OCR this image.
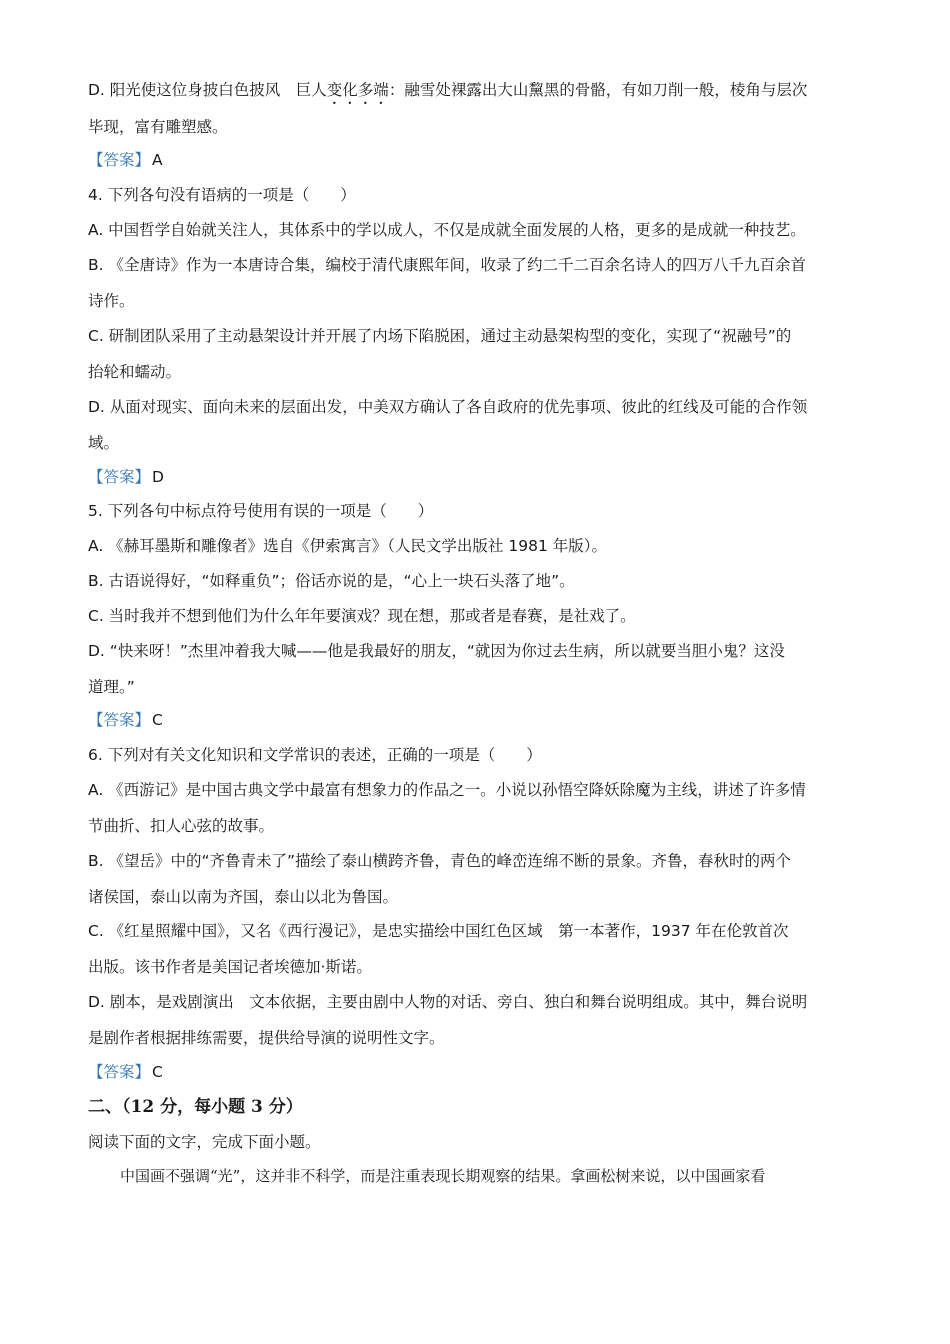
D. 阳光使这位身披白色披风　巨人变化多端：融雪处裸露出大山黧黑的骨骼，有如刀削一般，棱角与层次
毕现，富有雕塑感。
【答案】 A
4. 下列各句没有语病的一项是（　　）
A. 中国哲学自始就关注人，其体系中的学以成人，不仅是成就全面发展的人格，更多的是成就一种技艺。
B. 《全唐诗》作为一本唐诗合集，编校于清代康熙年间，收录了约二千二百余名诗人的四万八千九百余首
诗作。
C. 研制团队采用了主动悬架设计并开展了内场下陷脱困，通过主动悬架构型的变化，实现了“祝融号”的
抬轮和蠕动。
D. 从面对现实、面向未来的层面出发，中美双方确认了各自政府的优先事项、彼此的红线及可能的合作领
域。
【答案】 D
5. 下列各句中标点符号使用有误的一项是（　　）
A. 《赫耳墨斯和雕像者》选自《伊索寓言》（人民文学出版社 1981 年版）。
B. 古语说得好，“如释重负”；俗话亦说的是，“心上一块石头落了地”。
C. 当时我并不想到他们为什么年年要演戏？现在想，那或者是春赛，是社戏了。
D. “快来呀！”杰里冲着我大喊——他是我最好的朋友，“就因为你过去生病，所以就要当胆小鬼？这没
道理。”
【答案】 C
6. 下列对有关文化知识和文学常识的表述，正确的一项是（　　）
A. 《西游记》是中国古典文学中最富有想象力的作品之一。小说以孙悟空降妖除魔为主线，讲述了许多情
节曲折、扣人心弦的故事。
B. 《望岳》中的“齐鲁青未了”描绘了泰山横跨齐鲁，青色的峰峦连绵不断的景象。齐鲁，春秋时的两个
诸侯国，泰山以南为齐国，泰山以北为鲁国。
C. 《红星照耀中国》，又名《西行漫记》，是忠实描绘中国红色区域　第一本著作，1937 年在伦敦首次
出版。该书作者是美国记者埃德加·斯诺。
D. 剧本，是戏剧演出　文本依据，主要由剧中人物的对话、旁白、独白和舞台说明组成。其中，舞台说明
是剧作者根据排练需要，提供给导演的说明性文字。
【答案】 C
二、（12 分，每小题 3 分）
阅读下面的文字，完成下面小题。
中国画不强调“光”，这并非不科学，而是注重表现长期观察的结果。拿画松树来说，以中国画家看
